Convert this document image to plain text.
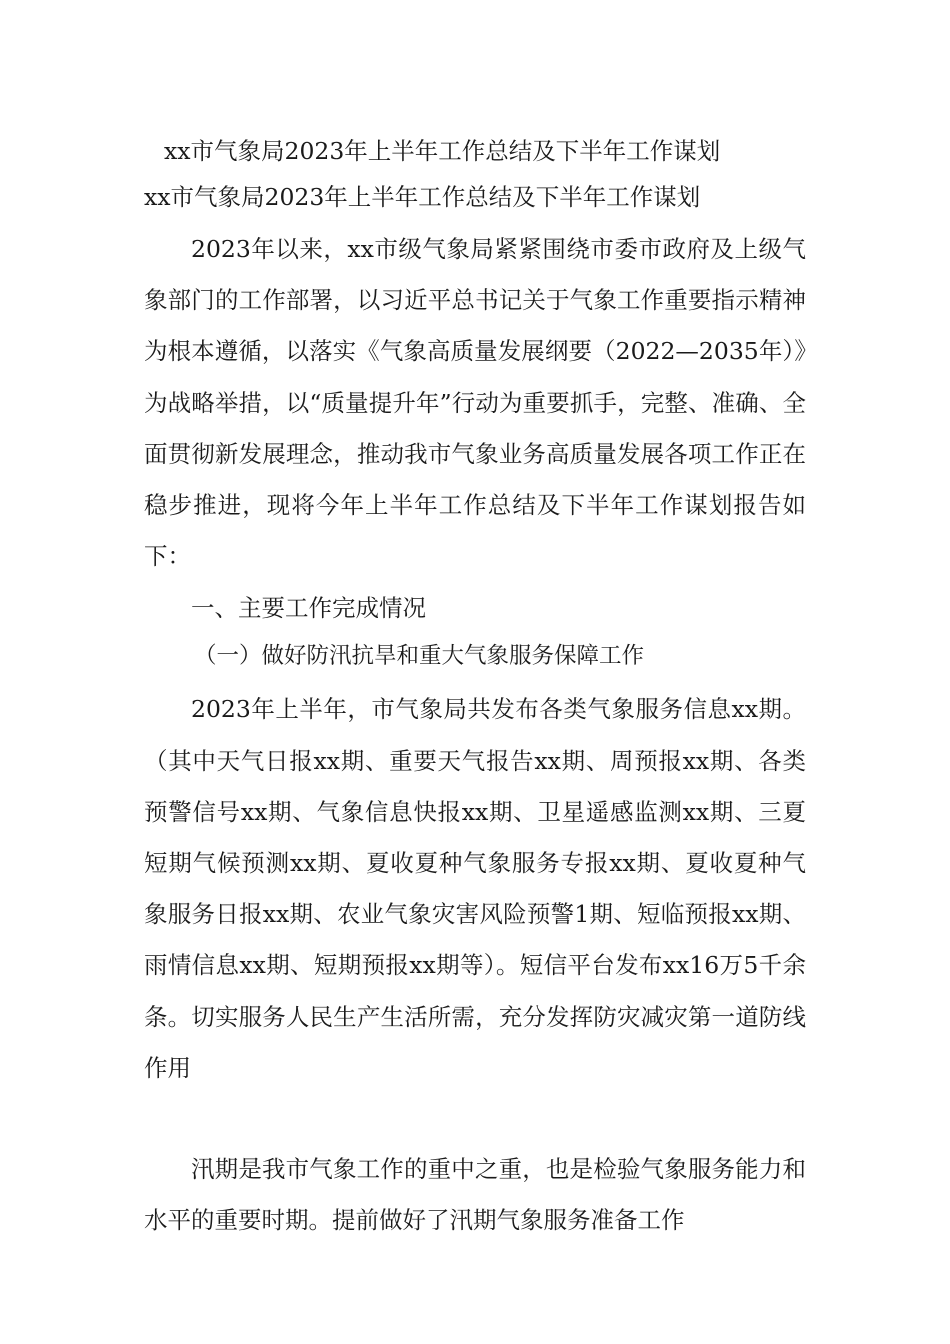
xx市气象局2023年上半年工作总结及下半年工作谋划
xx市气象局2023年上半年工作总结及下半年工作谋划

2023年以来，xx市级气象局紧紧围绕市委市政府及上级气象部门的工作部署，以习近平总书记关于气象工作重要指示精神为根本遵循，以落实《气象高质量发展纲要（2022—2035年）》为战略举措，以“质量提升年”行动为重要抓手，完整、准确、全面贯彻新发展理念，推动我市气象业务高质量发展各项工作正在稳步推进，现将今年上半年工作总结及下半年工作谋划报告如下：

一、主要工作完成情况

（一）做好防汛抗旱和重大气象服务保障工作

2023年上半年，市气象局共发布各类气象服务信息xx期。（其中天气日报xx期、重要天气报告xx期、周预报xx期、各类预警信号xx期、气象信息快报xx期、卫星遥感监测xx期、三夏短期气候预测xx期、夏收夏种气象服务专报xx期、夏收夏种气象服务日报xx期、农业气象灾害风险预警1期、短临预报xx期、雨情信息xx期、短期预报xx期等）。短信平台发布xx16万5千余条。切实服务人民生产生活所需，充分发挥防灾减灾第一道防线作用

汛期是我市气象工作的重中之重，也是检验气象服务能力和水平的重要时期。提前做好了汛期气象服务准备工作
